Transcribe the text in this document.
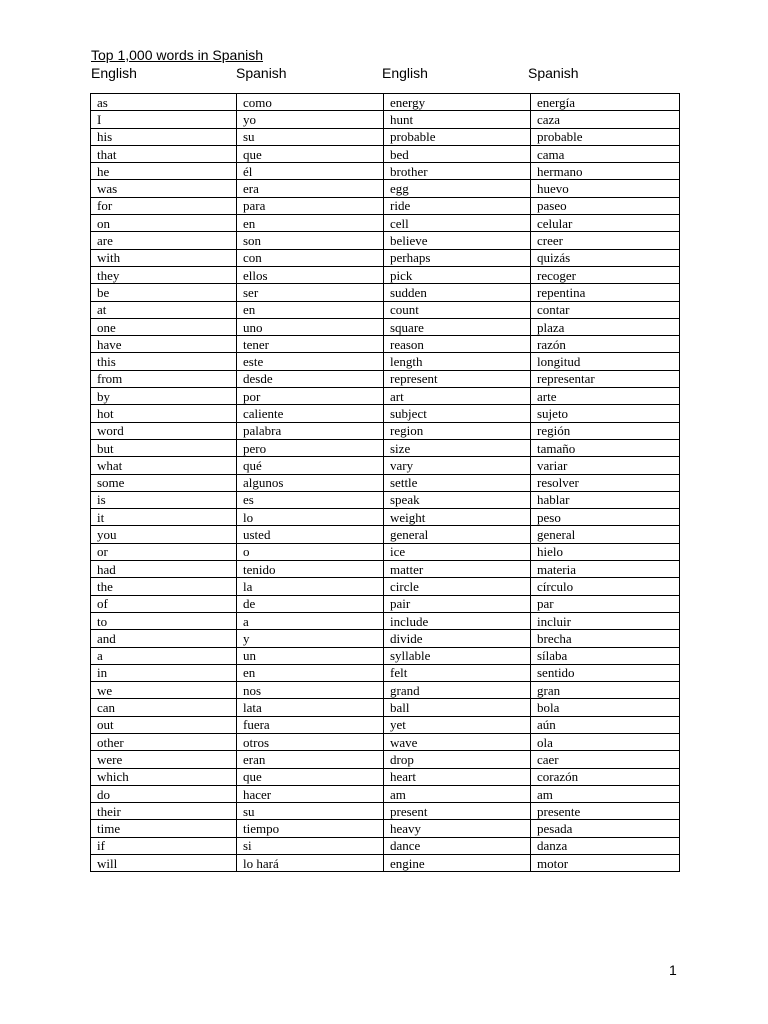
Top 1,000 words in Spanish
English	Spanish	English	Spanish
as	como	energy	energía
I	yo	hunt	caza
his	su	probable	probable
that	que	bed	cama
he	él	brother	hermano
was	era	egg	huevo
for	para	ride	paseo
on	en	cell	celular
are	son	believe	creer
with	con	perhaps	quizás
they	ellos	pick	recoger
be	ser	sudden	repentina
at	en	count	contar
one	uno	square	plaza
have	tener	reason	razón
this	este	length	longitud
from	desde	represent	representar
by	por	art	arte
hot	caliente	subject	sujeto
word	palabra	region	región
but	pero	size	tamaño
what	qué	vary	variar
some	algunos	settle	resolver
is	es	speak	hablar
it	lo	weight	peso
you	usted	general	general
or	o	ice	hielo
had	tenido	matter	materia
the	la	circle	círculo
of	de	pair	par
to	a	include	incluir
and	y	divide	brecha
a	un	syllable	sílaba
in	en	felt	sentido
we	nos	grand	gran
can	lata	ball	bola
out	fuera	yet	aún
other	otros	wave	ola
were	eran	drop	caer
which	que	heart	corazón
do	hacer	am	am
their	su	present	presente
time	tiempo	heavy	pesada
if	si	dance	danza
will	lo hará	engine	motor
1
